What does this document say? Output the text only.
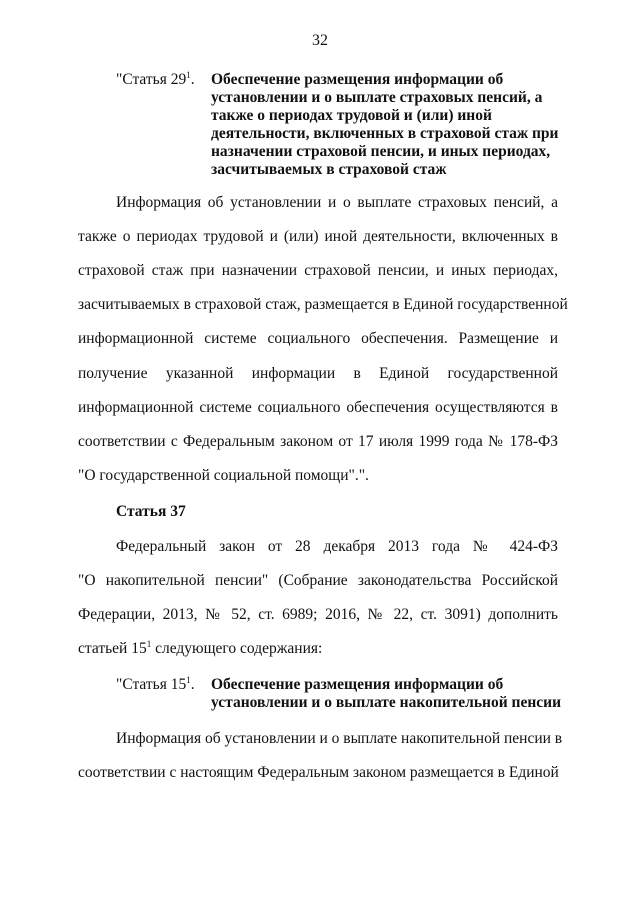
32
"Статья $29^1$. Обеспечение размещения информации об
установлении и о выплате страховых пенсий, а
также о периодах трудовой и (или) иной
деятельности, включенных в страховой стаж при
назначении страховой пенсии, и иных периодах,
засчитываемых в страховой стаж
Информация об установлении и о выплате страховых пенсий, а
также о периодах трудовой и (или) иной деятельности, включенных в
страховой стаж при назначении страховой пенсии, и иных периодах,
засчитываемых в страховой стаж, размещается в Единой государственной
информационной системе социального обеспечения. Размещение и
получение указанной информации в Единой государственной
информационной системе социального обеспечения осуществляются в
соответствии с Федеральным законом от 17 июля 1999 года № 178-ФЗ
"О государственной социальной помощи".".
Статья 37
Федеральный закон от 28 декабря 2013 года № 424-ФЗ
"О накопительной пенсии" (Собрание законодательства Российской
Федерации, 2013, № 52, ст. 6989; 2016, № 22, ст. 3091) дополнить
статьей $15^1$ следующего содержания:
"Статья $15^1$. Обеспечение размещения информации об
установлении и о выплате накопительной пенсии
Информация об установлении и о выплате накопительной пенсии в
соответствии с настоящим Федеральным законом размещается в Единой
